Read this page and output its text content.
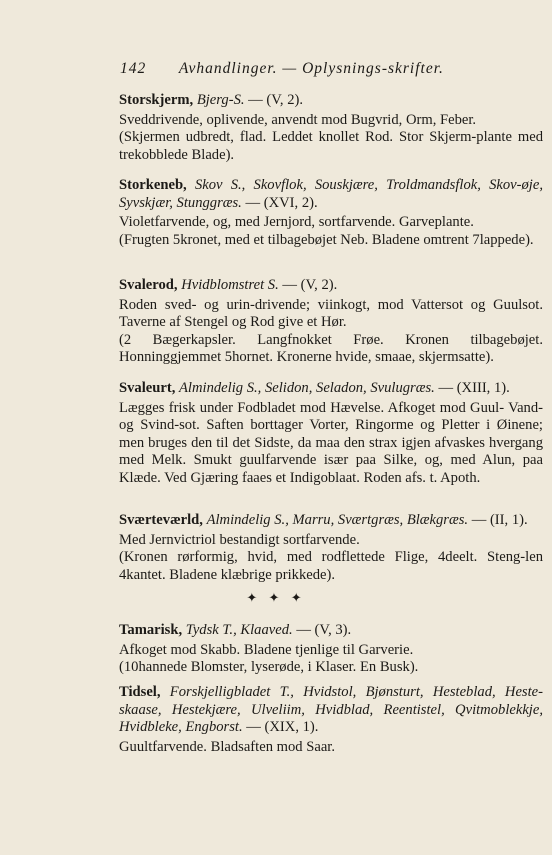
142 Avhandlinger. — Oplysnings-skrifter.

Storskjerm, Bjerg-S. — (V, 2).

Sveddrivende, oplivende, anvendt mod Bugvrid, Orm, Feber.

(Skjermen udbredt, flad. Leddet knollet Rod. Stor Skjerm-plante med trekobblede Blade).

Storkeneb, Skov S., Skovflok, Souskjære, Troldmandsflok, Skov-øje, Syvskjær, Stunggræs. — (XVI, 2).

Violetfarvende, og, med Jernjord, sortfarvende. Garveplante.

(Frugten 5kronet, med et tilbagebøjet Neb. Bladene omtrent 7lappede).

Svalerod, Hvidblomstret S. — (V, 2).

Roden sved- og urin-drivende; viinkogt, mod Vattersot og Guulsot. Taverne af Stengel og Rod give et Hør.

(2 Bægerkapsler. Langfnokket Frøe. Kronen tilbagebøjet. Honninggjemmet 5hornet. Kronerne hvide, smaae, skjermsatte).

Svaleurt, Almindelig S., Selidon, Seladon, Svulugræs. — (XIII, 1).

Lægges frisk under Fodbladet mod Hævelse. Afkoget mod Guul- Vand- og Svind-sot. Saften borttager Vorter, Ringorme og Pletter i Øinene; men bruges den til det Sidste, da maa den strax igjen afvaskes hvergang med Melk. Smukt guulfarvende især paa Silke, og, med Alun, paa Klæde. Ved Gjæring faaes et Indigoblaat. Roden afs. t. Apoth.

Sværteværld, Almindelig S., Marru, Sværtgræs, Blækgræs. — (II, 1).

Med Jernvictriol bestandigt sortfarvende.

(Kronen rørformig, hvid, med rodflettede Flige, 4deelt. Steng-len 4kantet. Bladene klæbrige prikkede).

✦ ✦ ✦

Tamarisk, Tydsk T., Klaaved. — (V, 3).

Afkoget mod Skabb. Bladene tjenlige til Garverie.

(10hannede Blomster, lyserøde, i Klaser. En Busk).

Tidsel, Forskjelligbladet T., Hvidstol, Bjønsturt, Hesteblad, Heste-skaase, Hestekjære, Ulveliim, Hvidblad, Reentistel, Qvitmoblekkje, Hvidbleke, Engborst. — (XIX, 1).

Guultfarvende. Bladsaften mod Saar.
